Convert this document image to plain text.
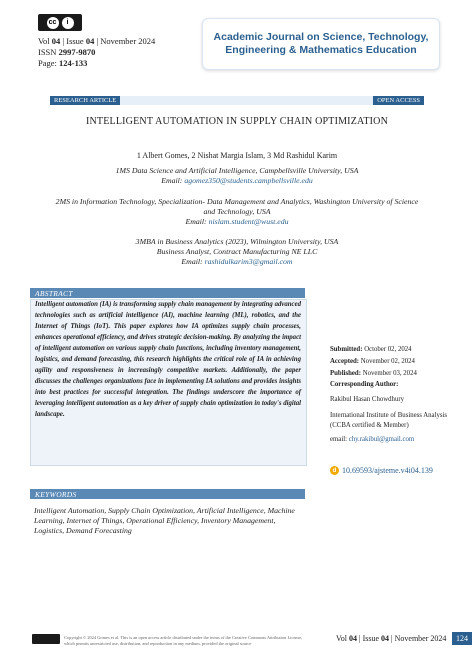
cc	i
Vol 04 | Issue 04 | November 2024
ISSN 2997-9870
Page: 124-133
Academic Journal on Science, Technology,
Engineering & Mathematics Education
RESEARCH ARTICLE	OPEN ACCESS
INTELLIGENT AUTOMATION IN SUPPLY CHAIN OPTIMIZATION
1 Albert Gomes, 2 Nishat Margia Islam, 3 Md Rashidul Karim
1MS Data Science and Artificial Intelligence, Campbellsville University, USA
Email: agomez350@students.campbellsville.edu
2MS in Information Technology, Specialization- Data Management and Analytics, Washington University of Science
and Technology, USA
Email: nislam.student@wust.edu
3MBA in Business Analytics (2023), Wilmington University, USA
Business Analyst, Contract Manufacturing NE LLC
Email: rashidulkarim3@gmail.com
ABSTRACT
Intelligent automation (IA) is transforming supply chain management by integrating advanced technologies such as artificial intelligence (AI), machine learning (ML), robotics, and the Internet of Things (IoT). This paper explores how IA optimizes supply chain processes, enhances operational efficiency, and drives strategic decision-making. By analyzing the impact of intelligent automation on various supply chain functions, including inventory management, logistics, and demand forecasting, this research highlights the critical role of IA in achieving agility and responsiveness in increasingly competitive markets. Additionally, the paper discusses the challenges organizations face in implementing IA solutions and provides insights into best practices for successful integration. The findings underscore the importance of leveraging intelligent automation as a key driver of supply chain optimization in today's digital landscape.
Submitted: October 02, 2024
Accepted: November 02, 2024
Published: November 03, 2024
Corresponding Author:
Rakibul Hasan Chowdhury
International Institute of Business Analysis (CCBA certified & Member)
email: chy.rakibul@gmail.com
d 10.69593/ajsteme.v4i04.139
KEYWORDS
Intelligent Automation, Supply Chain Optimization, Artificial Intelligence, Machine Learning, Internet of Things, Operational Efficiency, Inventory Management, Logistics, Demand Forecasting
Copyright © 2024 Gomes et al. This is an open access article distributed under the terms of the Creative Commons Attribution License, which permits unrestricted use, distribution, and reproduction in any medium, provided the original source
Vol 04 | Issue 04 | November 2024	124
